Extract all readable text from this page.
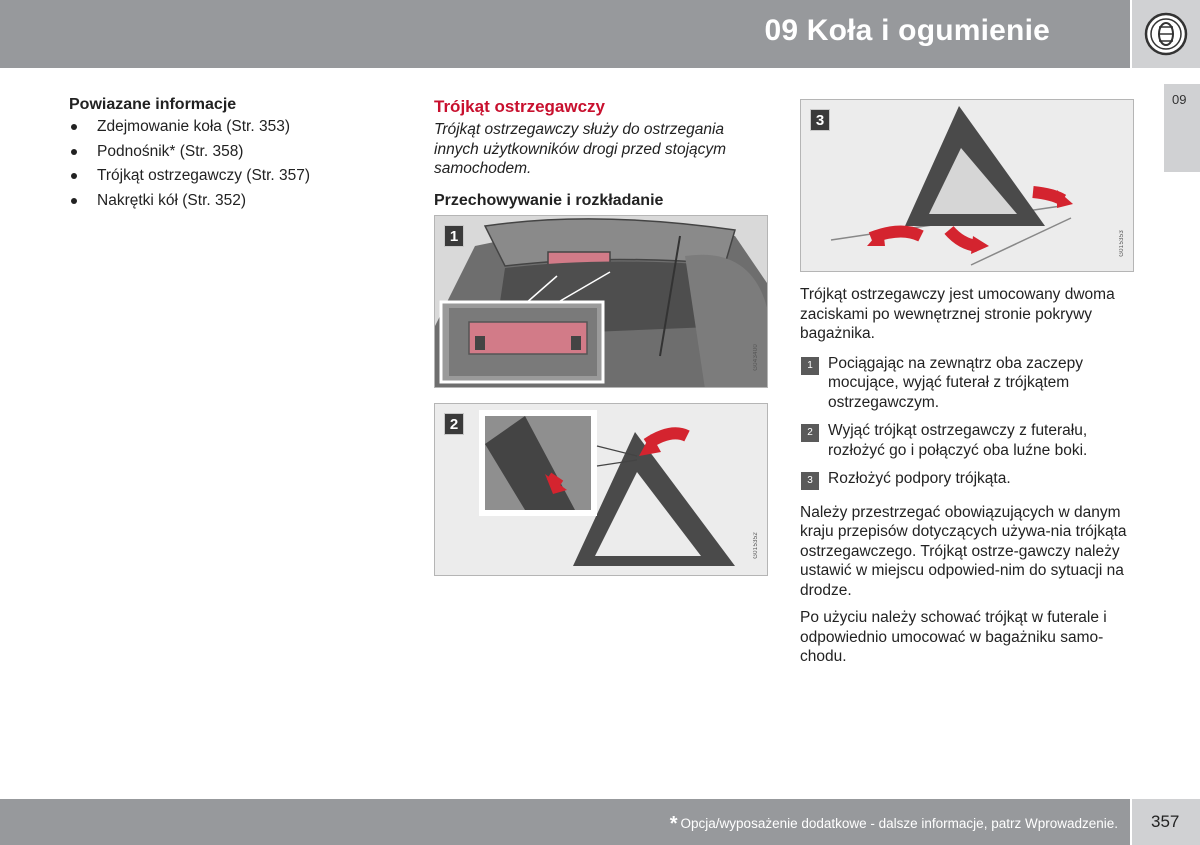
09 Koła i ogumienie
09
Powiazane informacje
Zdejmowanie koła (Str. 353)
Podnośnik* (Str. 358)
Trójkąt ostrzegawczy (Str. 357)
Nakrętki kół (Str. 352)
Trójkąt ostrzegawczy
Trójkąt ostrzegawczy służy do ostrzegania innych użytkowników drogi przed stojącym samochodem.
Przechowywanie i rozkładanie
1
G043400
2
G015352
3
G015353
Trójkąt ostrzegawczy jest umocowany dwoma zaciskami po wewnętrznej stronie pokrywy bagażnika.
1 Pociągając na zewnątrz oba zaczepy mocujące, wyjąć futerał z trójkątem ostrzegawczym.
2 Wyjąć trójkąt ostrzegawczy z futerału, rozłożyć go i połączyć oba luźne boki.
3 Rozłożyć podpory trójkąta.
Należy przestrzegać obowiązujących w danym kraju przepisów dotyczących używa-nia trójkąta ostrzegawczego. Trójkąt ostrze-gawczy należy ustawić w miejscu odpowied-nim do sytuacji na drodze.
Po użyciu należy schować trójkąt w futerale i odpowiednio umocować w bagażniku samo-chodu.
* Opcja/wyposażenie dodatkowe - dalsze informacje, patrz Wprowadzenie. 357
